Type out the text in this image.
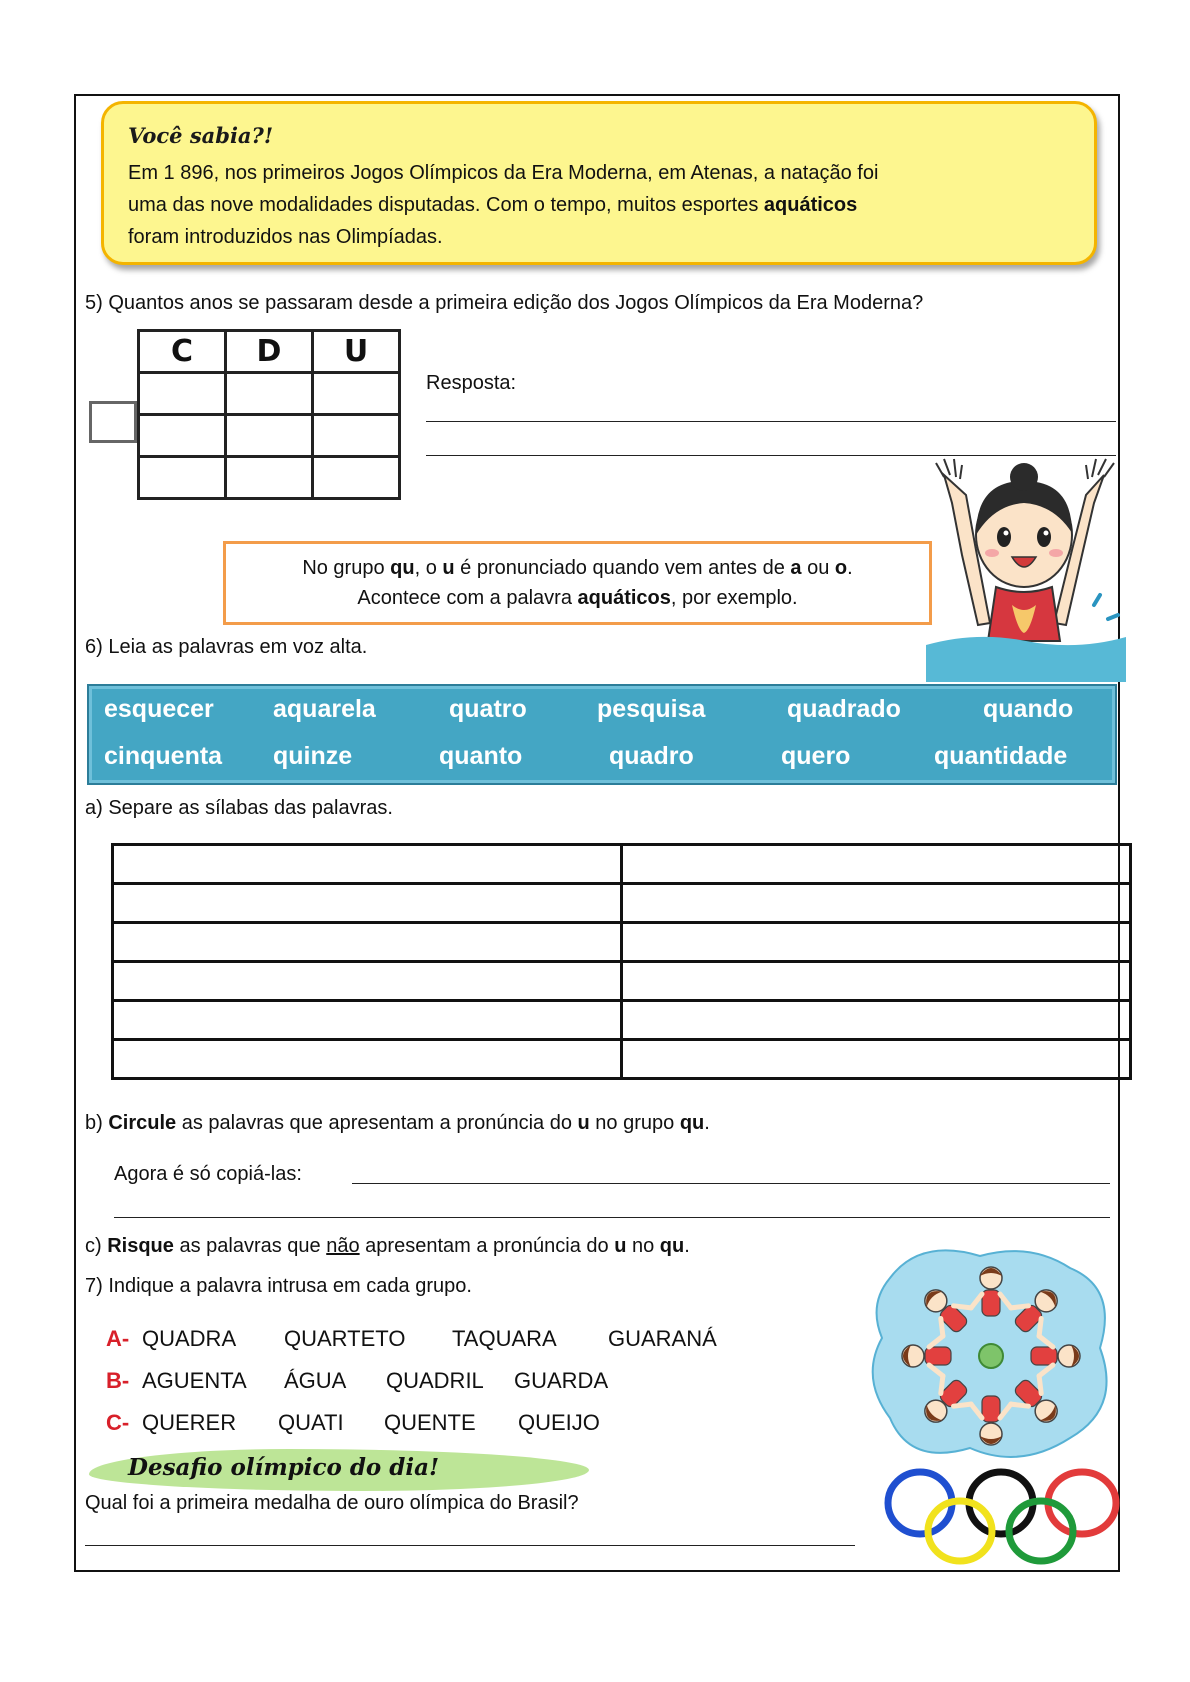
Você sabia?!
Em 1 896, nos primeiros Jogos Olímpicos da Era Moderna, em Atenas, a natação foi
uma das nove modalidades disputadas. Com o tempo, muitos esportes aquáticos
foram introduzidos nas Olimpíadas.
5) Quantos anos se passaram desde a primeira edição dos Jogos Olímpicos da Era Moderna?
C	D	U

Resposta:
No grupo qu, o u é pronunciado quando vem antes de a ou o.
Acontece com a palavra aquáticos, por exemplo.
6) Leia as palavras em voz alta.
esquecer aquarela	quatro	pesquisa	quadrado	quando
cinquenta quinze	quanto	quadro	quero	quantidade
a) Separe as sílabas das palavras.

b) Circule as palavras que apresentam a pronúncia do u no grupo qu.
Agora é só copiá-las:
c) Risque as palavras que não apresentam a pronúncia do u no qu.
7) Indique a palavra intrusa em cada grupo.
A- QUADRA QUARTETO TAQUARA GUARANÁ
B- AGUENTA ÁGUA QUADRIL GUARDA
C- QUERER QUATI QUENTE QUEIJO
Desafio olímpico do dia!
Qual foi a primeira medalha de ouro olímpica do Brasil?
